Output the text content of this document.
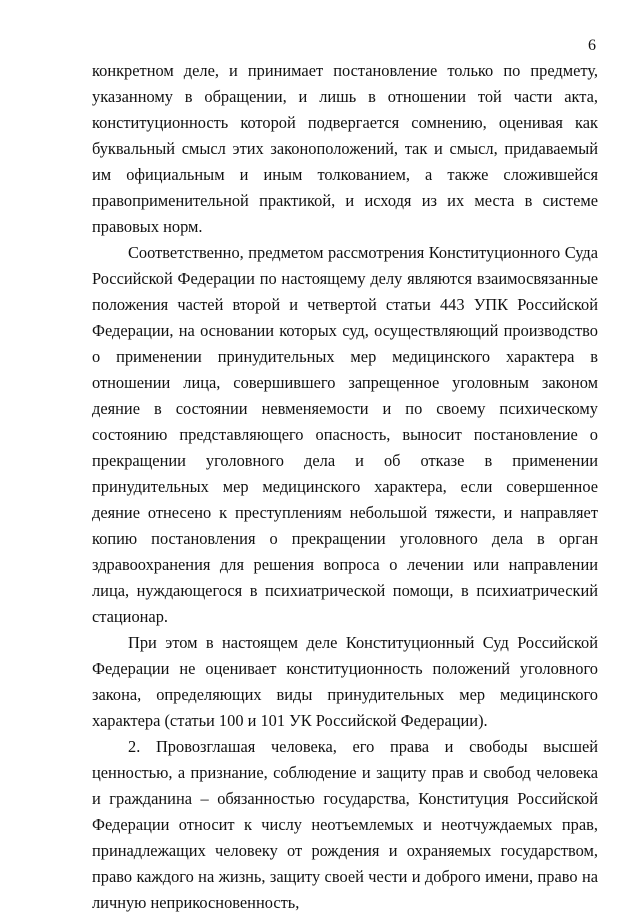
6

конкретном деле, и принимает постановление только по предмету, указанному в обращении, и лишь в отношении той части акта, конституционность которой подвергается сомнению, оценивая как буквальный смысл этих законоположений, так и смысл, придаваемый им официальным и иным толкованием, а также сложившейся правоприменительной практикой, и исходя из их места в системе правовых норм.

Соответственно, предметом рассмотрения Конституционного Суда Российской Федерации по настоящему делу являются взаимосвязанные положения частей второй и четвертой статьи 443 УПК Российской Федерации, на основании которых суд, осуществляющий производство о применении принудительных мер медицинского характера в отношении лица, совершившего запрещенное уголовным законом деяние в состоянии невменяемости и по своему психическому состоянию представляющего опасность, выносит постановление о прекращении уголовного дела и об отказе в применении принудительных мер медицинского характера, если совершенное деяние отнесено к преступлениям небольшой тяжести, и направляет копию постановления о прекращении уголовного дела в орган здравоохранения для решения вопроса о лечении или направлении лица, нуждающегося в психиатрической помощи, в психиатрический стационар.

При этом в настоящем деле Конституционный Суд Российской Федерации не оценивает конституционность положений уголовного закона, определяющих виды принудительных мер медицинского характера (статьи 100 и 101 УК Российской Федерации).

2. Провозглашая человека, его права и свободы высшей ценностью, а признание, соблюдение и защиту прав и свобод человека и гражданина – обязанностью государства, Конституция Российской Федерации относит к числу неотъемлемых и неотчуждаемых прав, принадлежащих человеку от рождения и охраняемых государством, право каждого на жизнь, защиту своей чести и доброго имени, право на личную неприкосновенность,
